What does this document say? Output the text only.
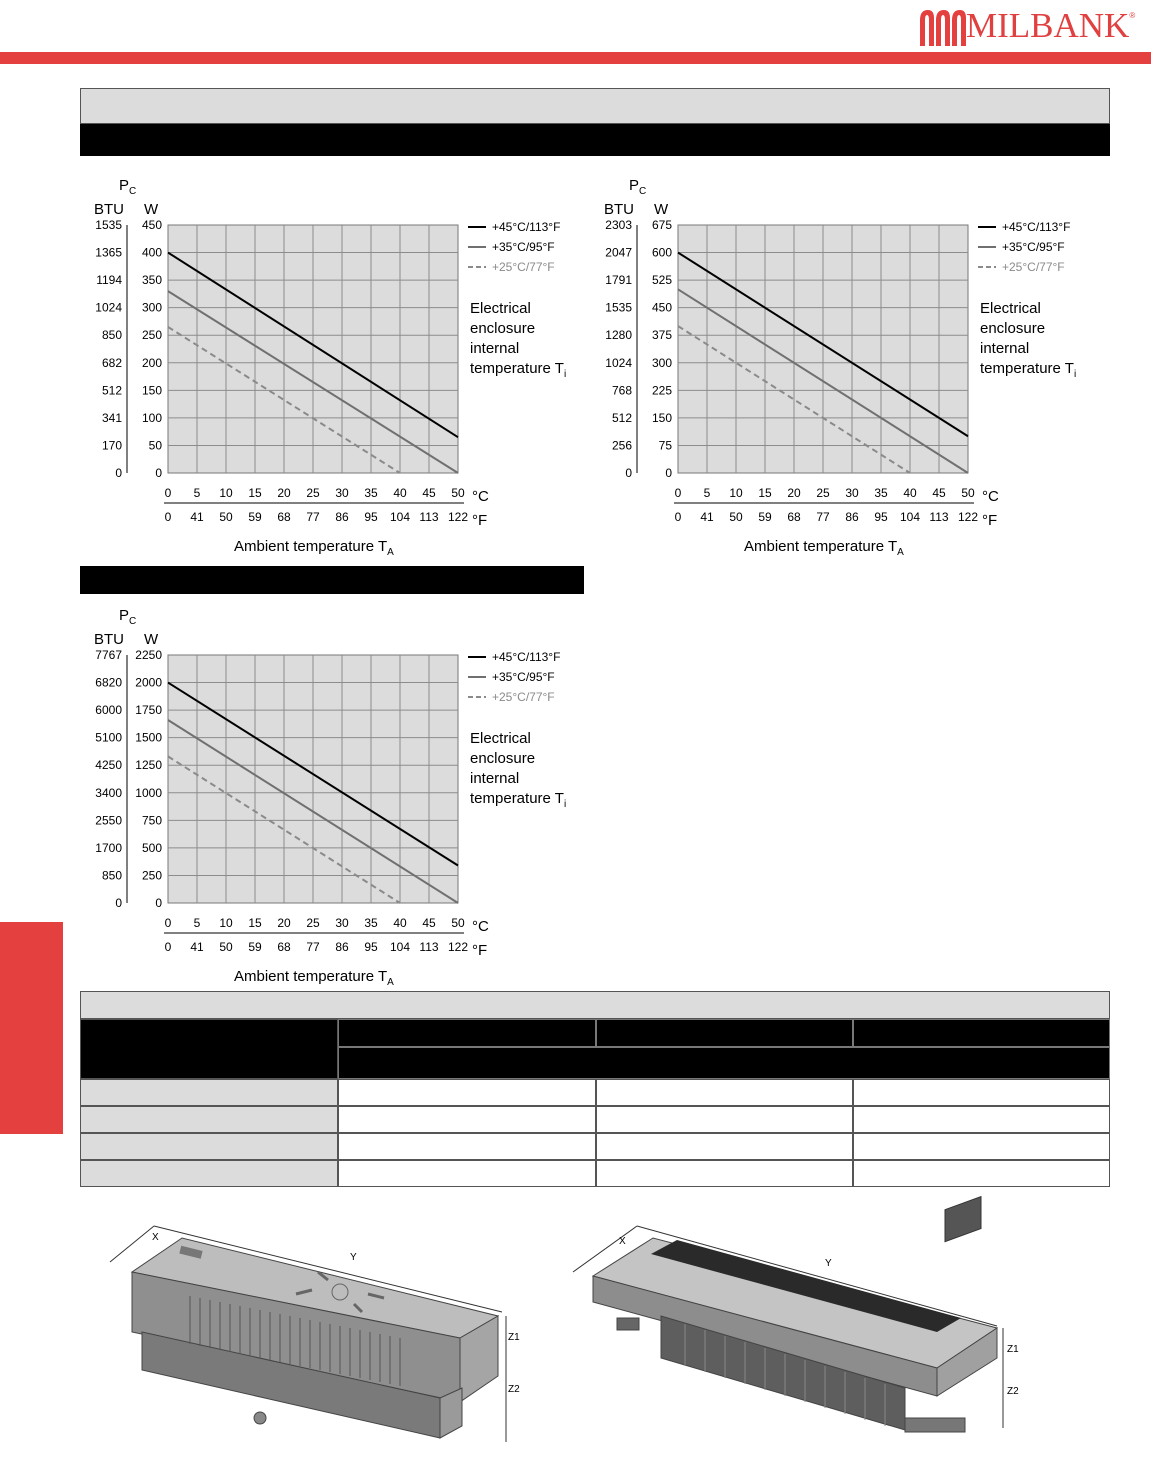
MILBANK ®
$P_C$
BTU W
450
400
350
300
250
200
150
100
50
0
1535
1365
1194
1024
850
682
512
341
170
0
0 5 10 15 20 25 30 35 40 45 50
0 41 50 59 68 77 86 95 104 113 122
°C
°F
Ambient temperature $T_A$
+45°C/113°F
+35°C/95°F
+25°C/77°F
Electrical
enclosure
internal
temperature $T_i$
$P_C$
BTU W
675
600
525
450
375
300
225
150
75
0
2303
2047
1791
1535
1280
1024
768
512
256
0
0 5 10 15 20 25 30 35 40 45 50
0 41 50 59 68 77 86 95 104 113 122
°C
°F
Ambient temperature $T_A$
+45°C/113°F
+35°C/95°F
+25°C/77°F
Electrical
enclosure
internal
temperature $T_i$
$P_C$
BTU W
2250
2000
1750
1500
1250
1000
750
500
250
0
7767
6820
6000
5100
4250
3400
2550
1700
850
0
0 5 10 15 20 25 30 35 40 45 50
0 41 50 59 68 77 86 95 104 113 122
°C
°F
Ambient temperature $T_A$
+45°C/113°F
+35°C/95°F
+25°C/77°F
Electrical
enclosure
internal
temperature $T_i$
X
Y
Z1
Z2
X
Y
Z1
Z2
